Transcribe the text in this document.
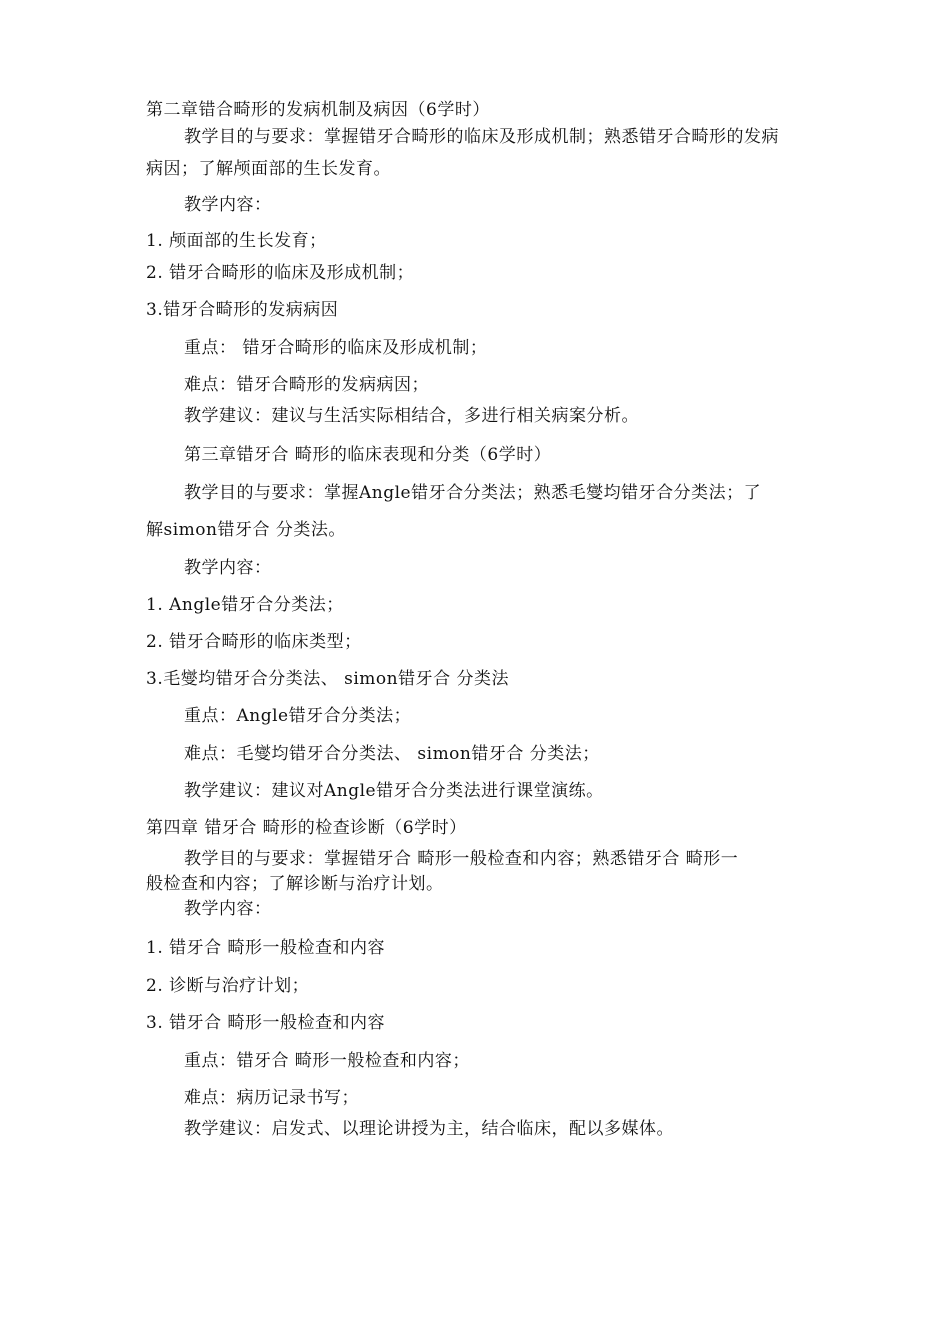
第二章错合畸形的发病机制及病因（6学时）
教学目的与要求：掌握错牙合畸形的临床及形成机制；熟悉错牙合畸形的发病
病因；了解颅面部的生长发育。
教学内容：
1. 颅面部的生长发育；
2. 错牙合畸形的临床及形成机制；
3.错牙合畸形的发病病因
重点： 错牙合畸形的临床及形成机制；
难点：错牙合畸形的发病病因；
教学建议：建议与生活实际相结合，多进行相关病案分析。
第三章错牙合 畸形的临床表现和分类（6学时）
教学目的与要求：掌握Angle错牙合分类法；熟悉毛燮均错牙合分类法；了
解simon错牙合 分类法。
教学内容：
1. Angle错牙合分类法；
2. 错牙合畸形的临床类型；
3.毛燮均错牙合分类法、 simon错牙合 分类法
重点：Angle错牙合分类法；
难点：毛燮均错牙合分类法、 simon错牙合 分类法；
教学建议：建议对Angle错牙合分类法进行课堂演练。
第四章 错牙合 畸形的检查诊断（6学时）
教学目的与要求：掌握错牙合 畸形一般检查和内容；熟悉错牙合 畸形一
般检查和内容；了解诊断与治疗计划。
教学内容：
1. 错牙合 畸形一般检查和内容
2. 诊断与治疗计划；
3. 错牙合 畸形一般检查和内容
重点：错牙合 畸形一般检查和内容；
难点：病历记录书写；
教学建议：启发式、以理论讲授为主，结合临床，配以多媒体。
